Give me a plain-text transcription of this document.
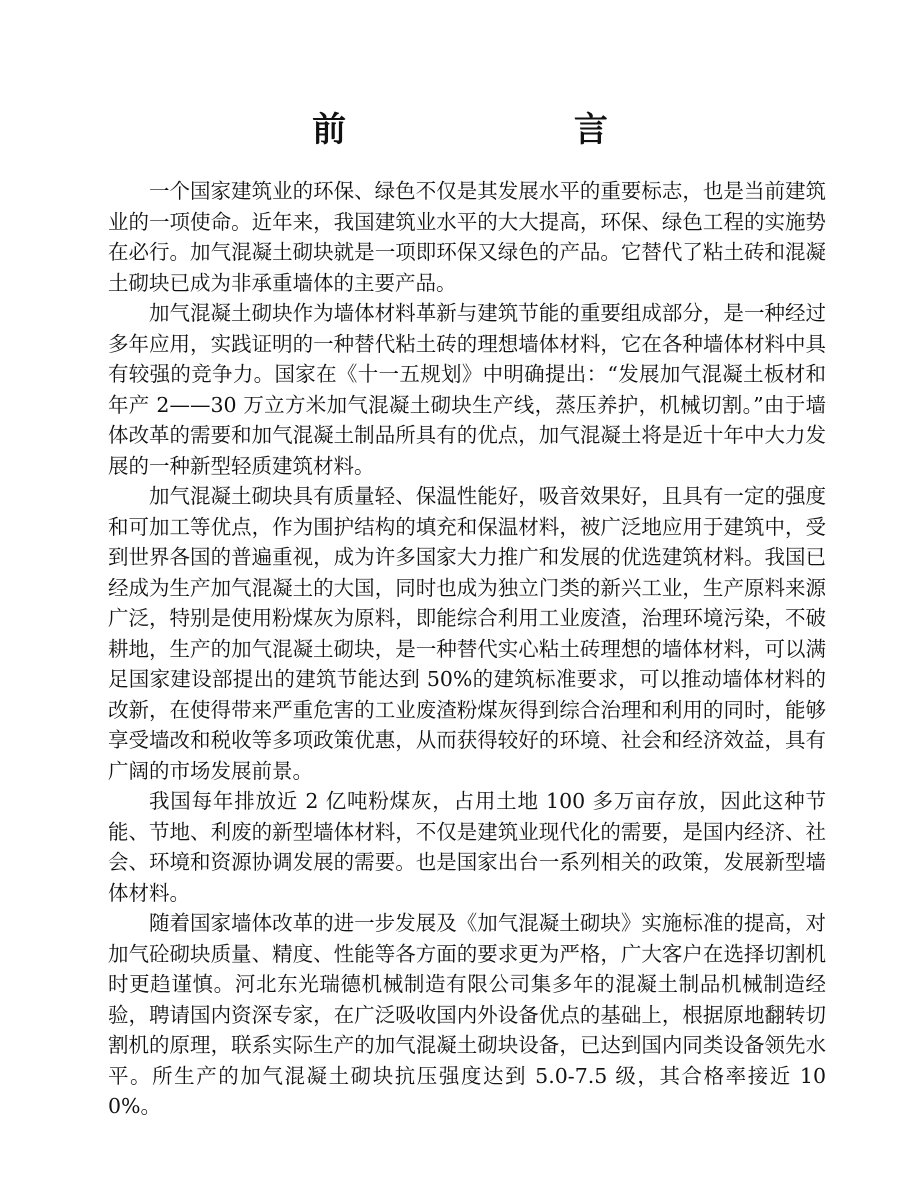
前 言

一个国家建筑业的环保、绿色不仅是其发展水平的重要标志，也是当前建筑业的一项使命。近年来，我国建筑业水平的大大提高，环保、绿色工程的实施势在必行。加气混凝土砌块就是一项即环保又绿色的产品。它替代了粘土砖和混凝土砌块已成为非承重墙体的主要产品。

加气混凝土砌块作为墙体材料革新与建筑节能的重要组成部分，是一种经过多年应用，实践证明的一种替代粘土砖的理想墙体材料，它在各种墙体材料中具有较强的竞争力。国家在《十一五规划》中明确提出：“发展加气混凝土板材和年产 2——30 万立方米加气混凝土砌块生产线，蒸压养护，机械切割。”由于墙体改革的需要和加气混凝土制品所具有的优点，加气混凝土将是近十年中大力发展的一种新型轻质建筑材料。

加气混凝土砌块具有质量轻、保温性能好，吸音效果好，且具有一定的强度和可加工等优点，作为围护结构的填充和保温材料，被广泛地应用于建筑中，受到世界各国的普遍重视，成为许多国家大力推广和发展的优选建筑材料。我国已经成为生产加气混凝土的大国，同时也成为独立门类的新兴工业，生产原料来源广泛，特别是使用粉煤灰为原料，即能综合利用工业废渣，治理环境污染，不破耕地，生产的加气混凝土砌块，是一种替代实心粘土砖理想的墙体材料，可以满足国家建设部提出的建筑节能达到 50%的建筑标准要求，可以推动墙体材料的改新，在使得带来严重危害的工业废渣粉煤灰得到综合治理和利用的同时，能够享受墙改和税收等多项政策优惠，从而获得较好的环境、社会和经济效益，具有广阔的市场发展前景。

我国每年排放近 2 亿吨粉煤灰，占用土地 100 多万亩存放，因此这种节能、节地、利废的新型墙体材料，不仅是建筑业现代化的需要，是国内经济、社会、环境和资源协调发展的需要。也是国家出台一系列相关的政策，发展新型墙体材料。

随着国家墙体改革的进一步发展及《加气混凝土砌块》实施标准的提高，对加气砼砌块质量、精度、性能等各方面的要求更为严格，广大客户在选择切割机时更趋谨慎。河北东光瑞德机械制造有限公司集多年的混凝土制品机械制造经验，聘请国内资深专家，在广泛吸收国内外设备优点的基础上，根据原地翻转切割机的原理，联系实际生产的加气混凝土砌块设备，已达到国内同类设备领先水平。所生产的加气混凝土砌块抗压强度达到 5.0-7.5 级，其合格率接近 100%。
